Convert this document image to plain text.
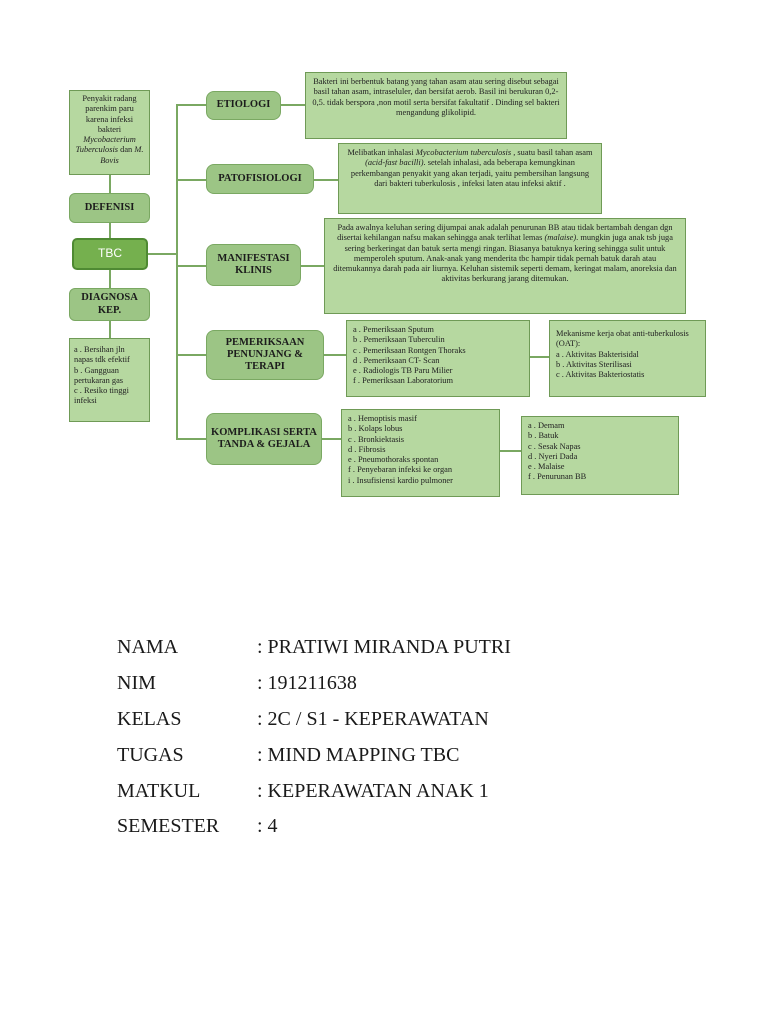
Penyakit radang parenkim paru karena infeksi bakteri Mycobacterium Tuberculosis dan M. Bovis
DEFENISI
TBC
DIAGNOSA KEP.
a . Bersihan jln napas tdk efektif
b . Gangguan pertukaran gas
c . Resiko tinggi infeksi
ETIOLOGI
Bakteri ini berbentuk batang yang tahan asam atau sering disebut sebagai basil tahan asam, intraseluler, dan bersifat aerob. Basil ini berukuran 0,2-0,5. tidak berspora ,non motil serta bersifat fakultatif . Dinding sel bakteri mengandung glikolipid.
PATOFISIOLOGI
Melibatkan inhalasi Mycobacterium tuberculosis , suatu basil tahan asam (acid-fast bacilli). setelah inhalasi, ada beberapa kemungkinan perkembangan penyakit yang akan terjadi, yaitu pembersihan langsung dari bakteri tuberkulosis , infeksi laten atau infeksi aktif .
MANIFESTASI KLINIS
Pada awalnya keluhan sering dijumpai anak adalah penurunan BB atau tidak bertambah dengan dgn disertai kehilangan nafsu makan sehingga anak terlihat lemas (malaise). mungkin juga anak tsb juga sering berkeringat dan batuk serta mengi ringan. Biasanya batuknya kering sehingga sulit untuk memperoleh sputum. Anak-anak yang menderita tbc hampir tidak pernah batuk darah atau ditemukannya darah pada air liurnya. Keluhan sistemik seperti demam, keringat malam, anoreksia dan aktivitas berkurang jarang ditemukan.
PEMERIKSAAN PENUNJANG & TERAPI
a . Pemeriksaan Sputum
b . Pemeriksaan Tuberculin
c . Pemeriksaan Rontgen Thoraks
d . Pemeriksaan CT- Scan
e . Radiologis TB Paru Milier
f . Pemeriksaan Laboratorium
Mekanisme kerja obat anti-tuberkulosis (OAT):
a . Aktivitas Bakterisidal
b . Aktivitas Sterilisasi
c . Aktivitas Bakteriostatis
KOMPLIKASI SERTA TANDA & GEJALA
a . Hemoptisis masif
b . Kolaps lobus
c . Bronkiektasis
d . Fibrosis
e . Pneumothoraks spontan
f . Penyebaran infeksi ke organ
i . Insufisiensi kardio pulmoner
a . Demam
b . Batuk
c . Sesak Napas
d . Nyeri Dada
e . Malaise
f . Penurunan BB
NAMA	: PRATIWI MIRANDA PUTRI
NIM	: 191211638
KELAS	: 2C / S1 - KEPERAWATAN
TUGAS	: MIND MAPPING TBC
MATKUL	: KEPERAWATAN ANAK 1
SEMESTER	: 4
